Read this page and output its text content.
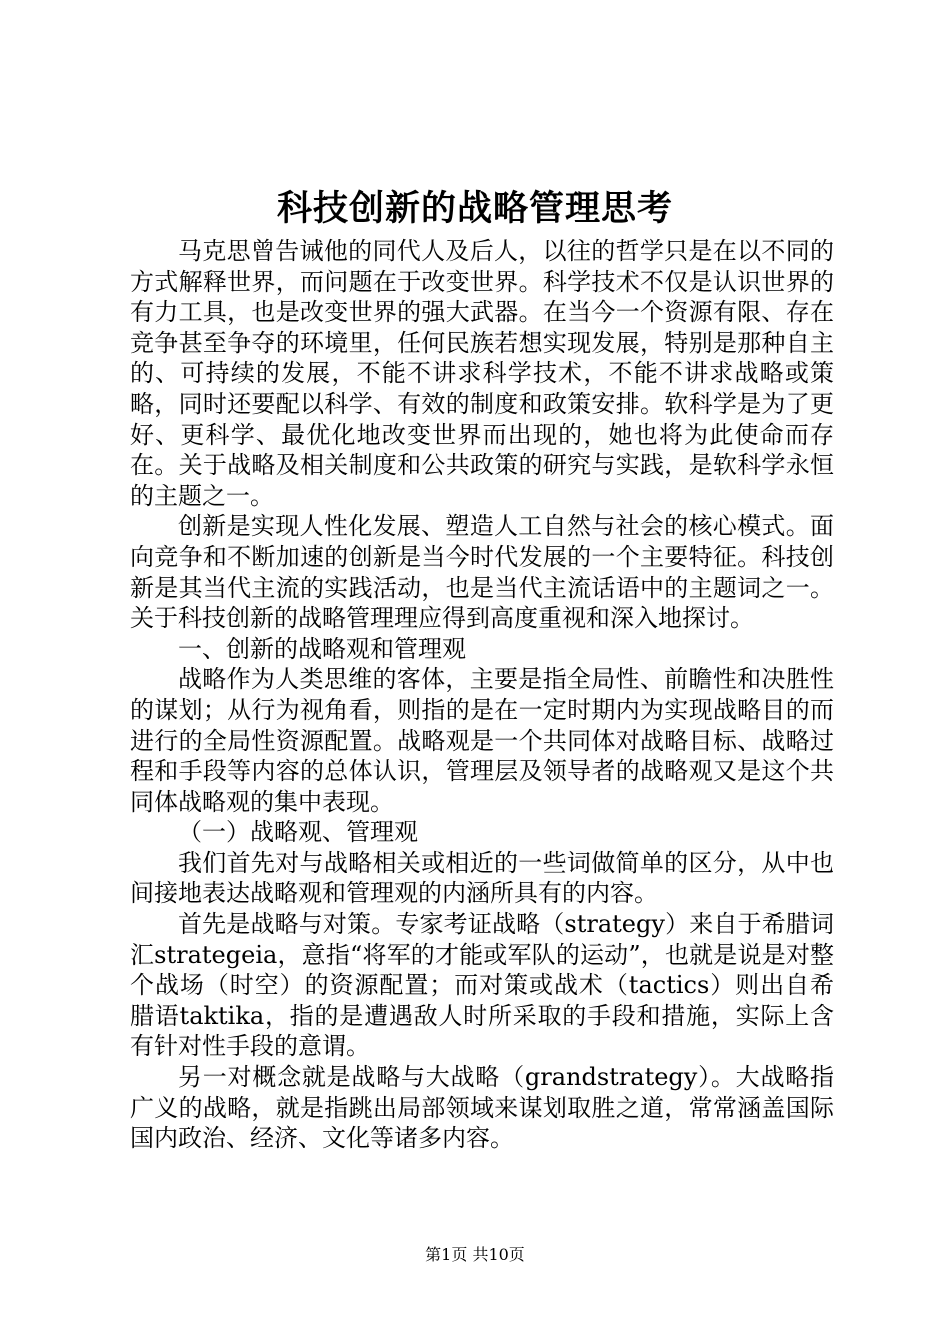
科技创新的战略管理思考

马克思曾告诫他的同代人及后人，以往的哲学只是在以不同的方式解释世界，而问题在于改变世界。科学技术不仅是认识世界的有力工具，也是改变世界的强大武器。在当今一个资源有限、存在竞争甚至争夺的环境里，任何民族若想实现发展，特别是那种自主的、可持续的发展，不能不讲求科学技术，不能不讲求战略或策略，同时还要配以科学、有效的制度和政策安排。软科学是为了更好、更科学、最优化地改变世界而出现的，她也将为此使命而存在。关于战略及相关制度和公共政策的研究与实践，是软科学永恒的主题之一。

创新是实现人性化发展、塑造人工自然与社会的核心模式。面向竞争和不断加速的创新是当今时代发展的一个主要特征。科技创新是其当代主流的实践活动，也是当代主流话语中的主题词之一。关于科技创新的战略管理理应得到高度重视和深入地探讨。

一、创新的战略观和管理观

战略作为人类思维的客体，主要是指全局性、前瞻性和决胜性的谋划；从行为视角看，则指的是在一定时期内为实现战略目的而进行的全局性资源配置。战略观是一个共同体对战略目标、战略过程和手段等内容的总体认识，管理层及领导者的战略观又是这个共同体战略观的集中表现。

（一）战略观、管理观

我们首先对与战略相关或相近的一些词做简单的区分，从中也间接地表达战略观和管理观的内涵所具有的内容。

首先是战略与对策。专家考证战略（strategy）来自于希腊词汇strategeia，意指“将军的才能或军队的运动”，也就是说是对整个战场（时空）的资源配置；而对策或战术（tactics）则出自希腊语taktika，指的是遭遇敌人时所采取的手段和措施，实际上含有针对性手段的意谓。

另一对概念就是战略与大战略（grandstrategy）。大战略指广义的战略，就是指跳出局部领域来谋划取胜之道，常常涵盖国际国内政治、经济、文化等诸多内容。

第1页 共10页
